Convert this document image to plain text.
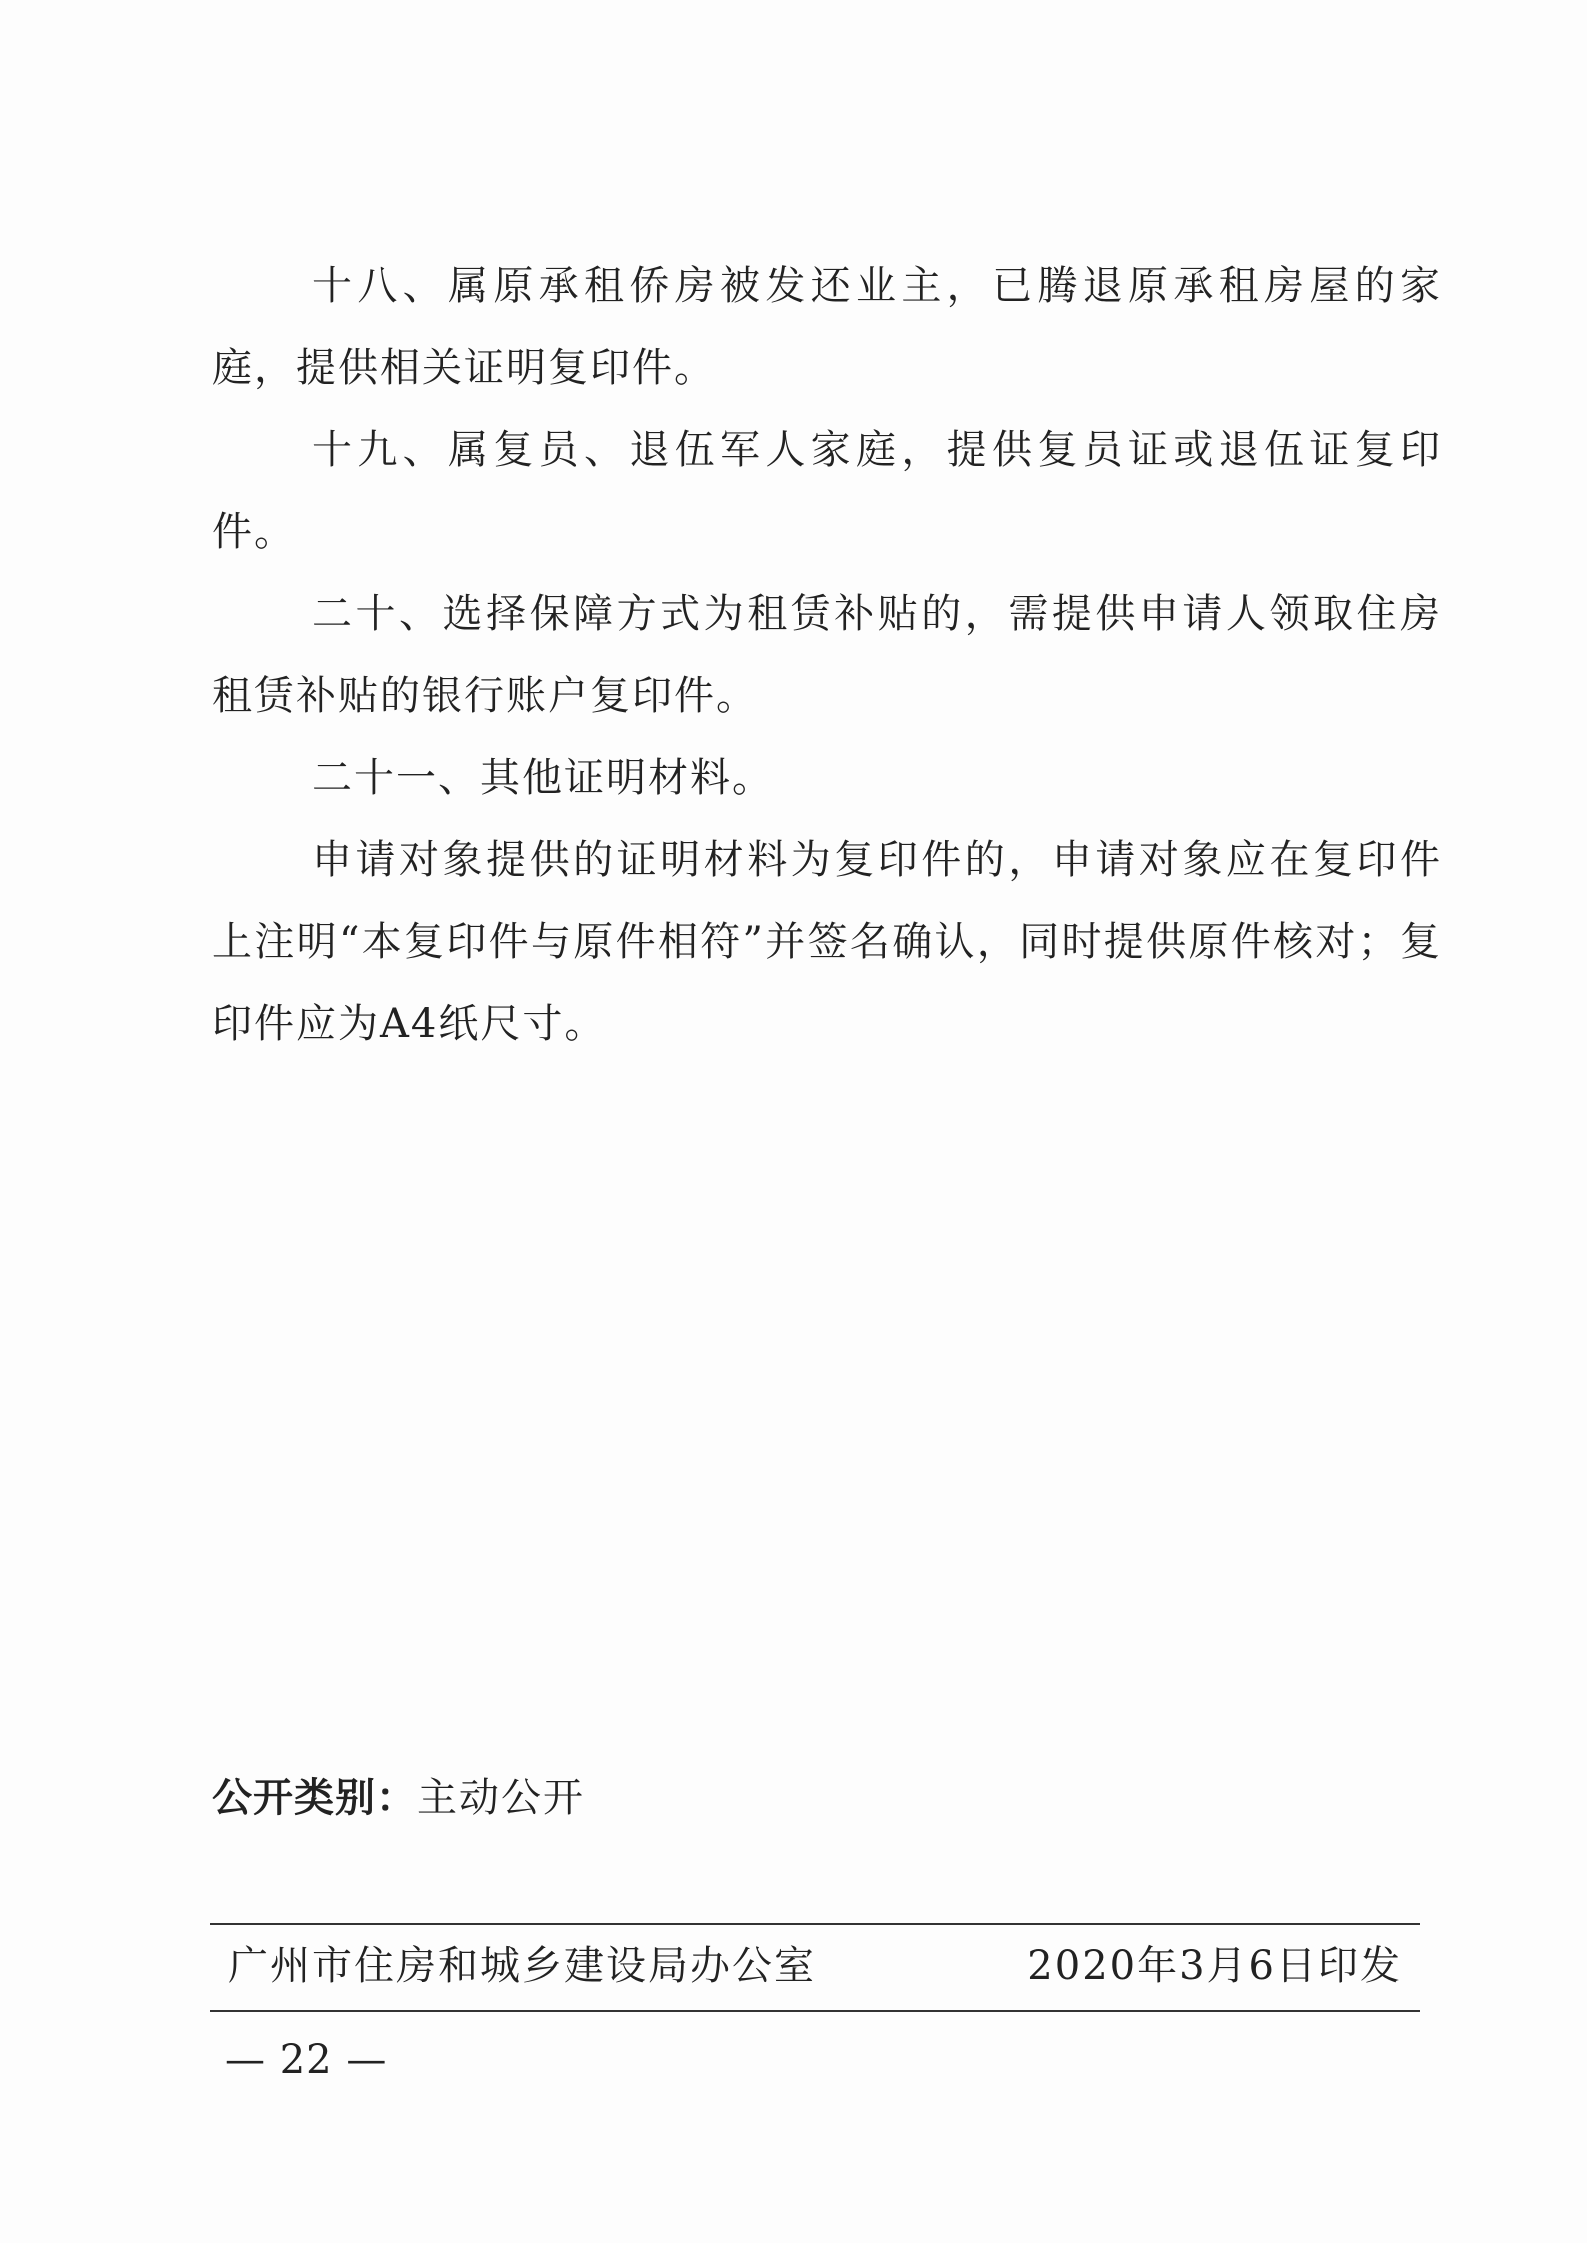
十八、属原承租侨房被发还业主，已腾退原承租房屋的家庭，提供相关证明复印件。

十九、属复员、退伍军人家庭，提供复员证或退伍证复印件。

二十、选择保障方式为租赁补贴的，需提供申请人领取住房租赁补贴的银行账户复印件。

二十一、其他证明材料。

申请对象提供的证明材料为复印件的，申请对象应在复印件上注明“本复印件与原件相符”并签名确认，同时提供原件核对；复印件应为A4纸尺寸。

公开类别：主动公开
广州市住房和城乡建设局办公室	2020年3月6日印发
— 22 —
